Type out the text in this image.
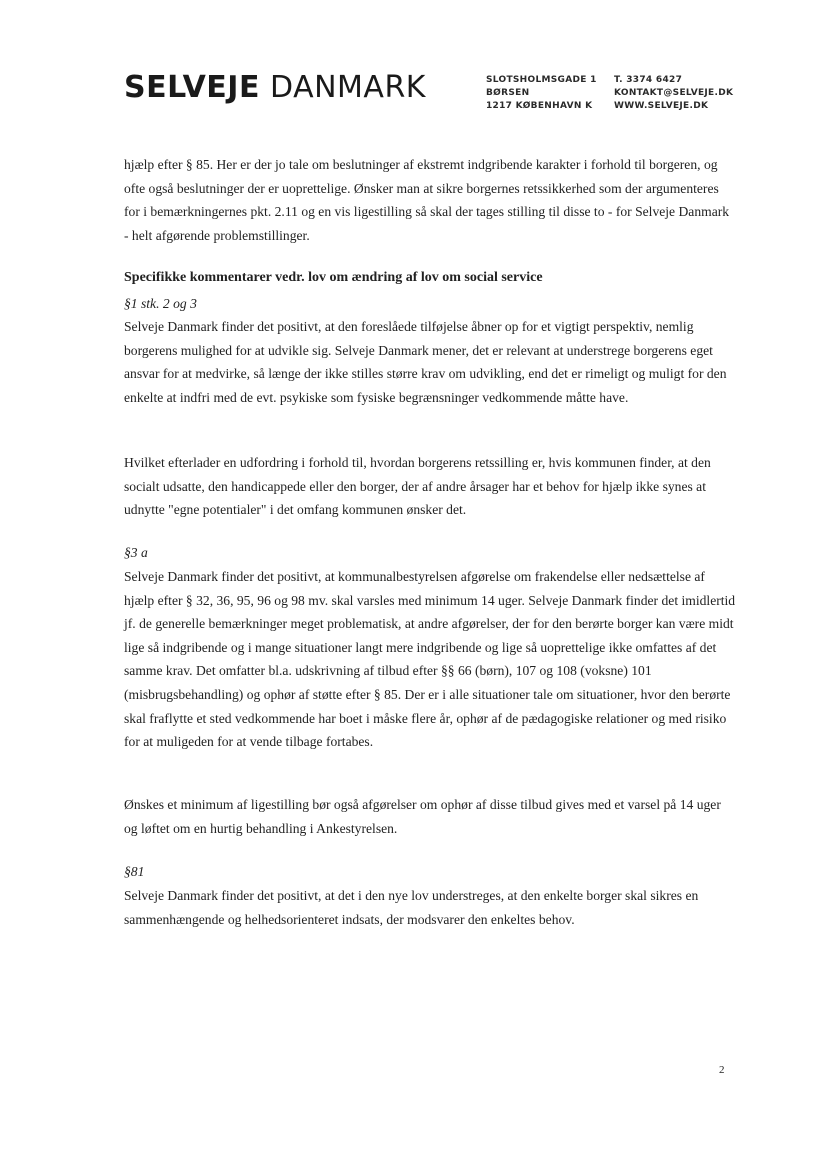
SELVEJE DANMARK	SLOTSHOLMSGADE 1
BØRSEN
1217 KØBENHAVN K
T. 3374 6427
KONTAKT@SELVEJE.DK
WWW.SELVEJE.DK

hjælp efter § 85. Her er der jo tale om beslutninger af ekstremt indgribende karakter i forhold til borgeren, og ofte også beslutninger der er uoprettelige. Ønsker man at sikre borgernes retssikkerhed som der argumenteres for i bemærkningernes pkt. 2.11 og en vis ligestilling så skal der tages stilling til disse to - for Selveje Danmark - helt afgørende problemstillinger.

Specifikke kommentarer vedr. lov om ændring af lov om social service
§1 stk. 2 og 3

Selveje Danmark finder det positivt, at den foreslåede tilføjelse åbner op for et vigtigt perspektiv, nemlig borgerens mulighed for at udvikle sig. Selveje Danmark mener, det er relevant at understrege borgerens eget ansvar for at medvirke, så længe der ikke stilles større krav om udvikling, end det er rimeligt og muligt for den enkelte at indfri med de evt. psykiske som fysiske begrænsninger vedkommende måtte have.

Hvilket efterlader en udfordring i forhold til, hvordan borgerens retssilling er, hvis kommunen finder, at den socialt udsatte, den handicappede eller den borger, der af andre årsager har et behov for hjælp ikke synes at udnytte "egne potentialer" i det omfang kommunen ønsker det.

§3 a

Selveje Danmark finder det positivt, at kommunalbestyrelsen afgørelse om frakendelse eller nedsættelse af hjælp efter § 32, 36, 95, 96 og 98 mv. skal varsles med minimum 14 uger. Selveje Danmark finder det imidlertid jf. de generelle bemærkninger meget problematisk, at andre afgørelser, der for den berørte borger kan være midt lige så indgribende og i mange situationer langt mere indgribende og lige så uoprettelige ikke omfattes af det samme krav. Det omfatter bl.a. udskrivning af tilbud efter §§ 66 (børn), 107 og 108 (voksne) 101 (misbrugsbehandling) og ophør af støtte efter § 85. Der er i alle situationer tale om situationer, hvor den berørte skal fraflytte et sted vedkommende har boet i måske flere år, ophør af de pædagogiske relationer og med risiko for at muligeden for at vende tilbage fortabes.

Ønskes et minimum af ligestilling bør også afgørelser om ophør af disse tilbud gives med et varsel på 14 uger og løftet om en hurtig behandling i Ankestyrelsen.

§81

Selveje Danmark finder det positivt, at det i den nye lov understreges, at den enkelte borger skal sikres en sammenhængende og helhedsorienteret indsats, der modsvarer den enkeltes behov.

2
